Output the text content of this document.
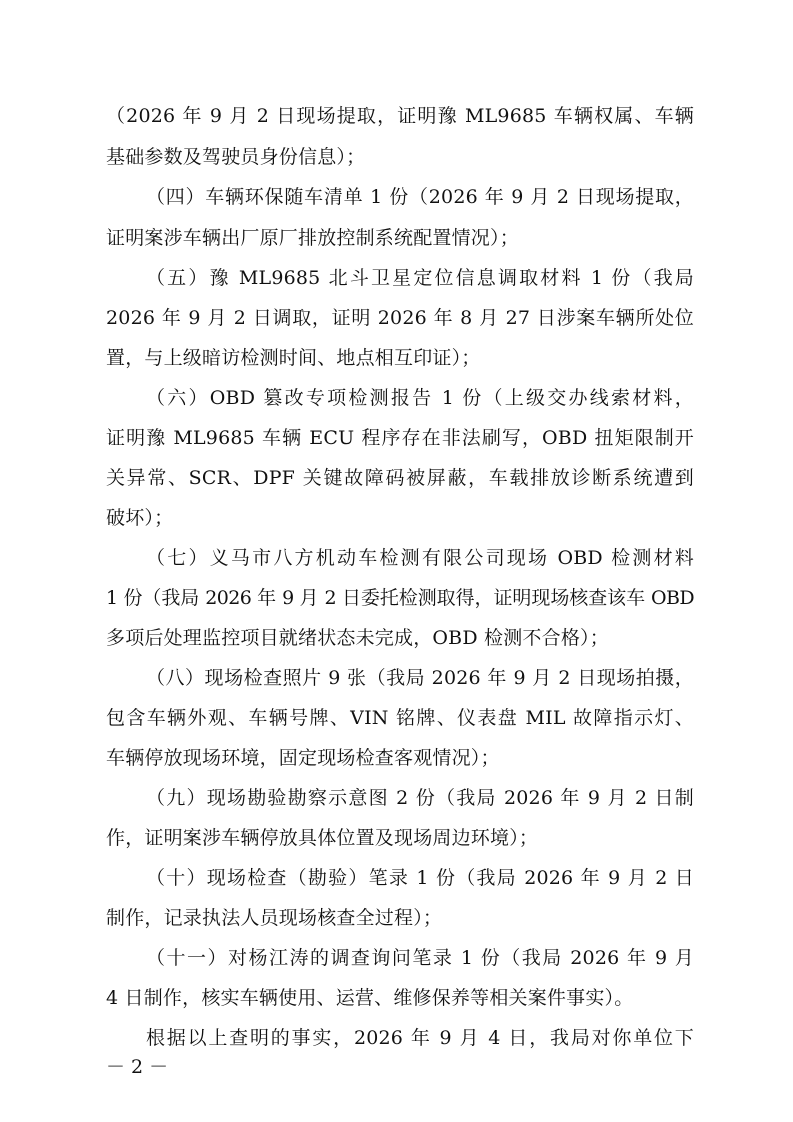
（2026 年 9 月 2 日现场提取，证明豫 ML9685 车辆权属、车辆
基础参数及驾驶员身份信息）；
（四）车辆环保随车清单 1 份（2026 年 9 月 2 日现场提取，
证明案涉车辆出厂原厂排放控制系统配置情况）；
（五）豫 ML9685 北斗卫星定位信息调取材料 1 份（我局
2026 年 9 月 2 日调取，证明 2026 年 8 月 27 日涉案车辆所处位
置，与上级暗访检测时间、地点相互印证）；
（六）OBD 篡改专项检测报告 1 份（上级交办线索材料，
证明豫 ML9685 车辆 ECU 程序存在非法刷写，OBD 扭矩限制开
关异常、SCR、DPF 关键故障码被屏蔽，车载排放诊断系统遭到
破坏）；
（七）义马市八方机动车检测有限公司现场 OBD 检测材料
1 份（我局 2026 年 9 月 2 日委托检测取得，证明现场核查该车 OBD
多项后处理监控项目就绪状态未完成，OBD 检测不合格）；
（八）现场检查照片 9 张（我局 2026 年 9 月 2 日现场拍摄，
包含车辆外观、车辆号牌、VIN 铭牌、仪表盘 MIL 故障指示灯、
车辆停放现场环境，固定现场检查客观情况）；
（九）现场勘验勘察示意图 2 份（我局 2026 年 9 月 2 日制
作，证明案涉车辆停放具体位置及现场周边环境）；
（十）现场检查（勘验）笔录 1 份（我局 2026 年 9 月 2 日
制作，记录执法人员现场核查全过程）；
（十一）对杨江涛的调查询问笔录 1 份（我局 2026 年 9 月
4 日制作，核实车辆使用、运营、维修保养等相关案件事实）。
根据以上查明的事实，2026 年 9 月 4 日，我局对你单位下
－ 2 －
